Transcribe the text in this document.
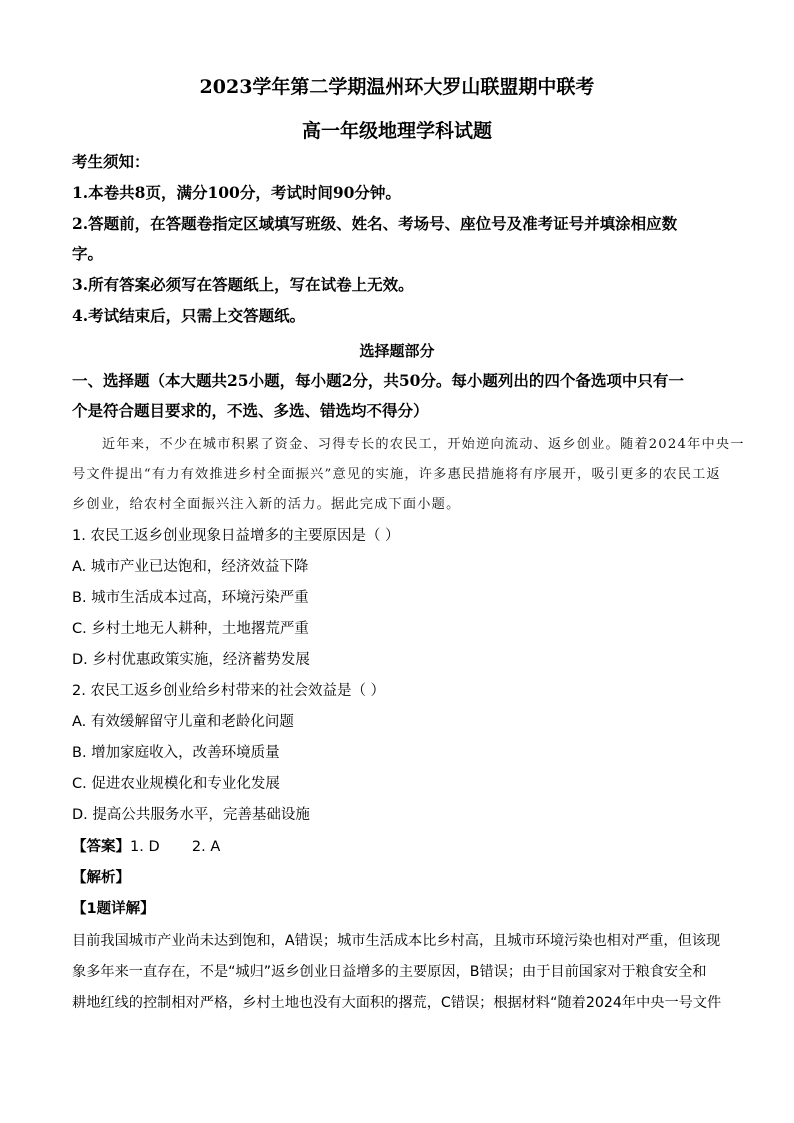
2023学年第二学期温州环大罗山联盟期中联考
高一年级地理学科试题
考生须知：
1.本卷共8页，满分100分，考试时间90分钟。
2.答题前，在答题卷指定区域填写班级、姓名、考场号、座位号及准考证号并填涂相应数
字。
3.所有答案必须写在答题纸上，写在试卷上无效。
4.考试结束后，只需上交答题纸。
选择题部分
一、选择题（本大题共25小题，每小题2分，共50分。每小题列出的四个备选项中只有一
个是符合题目要求的，不选、多选、错选均不得分）
近年来，不少在城市积累了资金、习得专长的农民工，开始逆向流动、返乡创业。随着2024年中央一
号文件提出“有力有效推进乡村全面振兴”意见的实施，许多惠民措施将有序展开，吸引更多的农民工返
乡创业，给农村全面振兴注入新的活力。据此完成下面小题。
1. 农民工返乡创业现象日益增多的主要原因是（ ）
A. 城市产业已达饱和，经济效益下降
B. 城市生活成本过高，环境污染严重
C. 乡村土地无人耕种，土地撂荒严重
D. 乡村优惠政策实施，经济蓄势发展
2. 农民工返乡创业给乡村带来的社会效益是（ ）
A. 有效缓解留守儿童和老龄化问题
B. 增加家庭收入，改善环境质量
C. 促进农业规模化和专业化发展
D. 提高公共服务水平，完善基础设施
【答案】1. D       2. A
【解析】
【1题详解】
目前我国城市产业尚未达到饱和，A错误；城市生活成本比乡村高，且城市环境污染也相对严重，但该现
象多年来一直存在，不是“城归”返乡创业日益增多的主要原因，B错误；由于目前国家对于粮食安全和
耕地红线的控制相对严格，乡村土地也没有大面积的撂荒，C错误；根据材料“随着2024年中央一号文件
